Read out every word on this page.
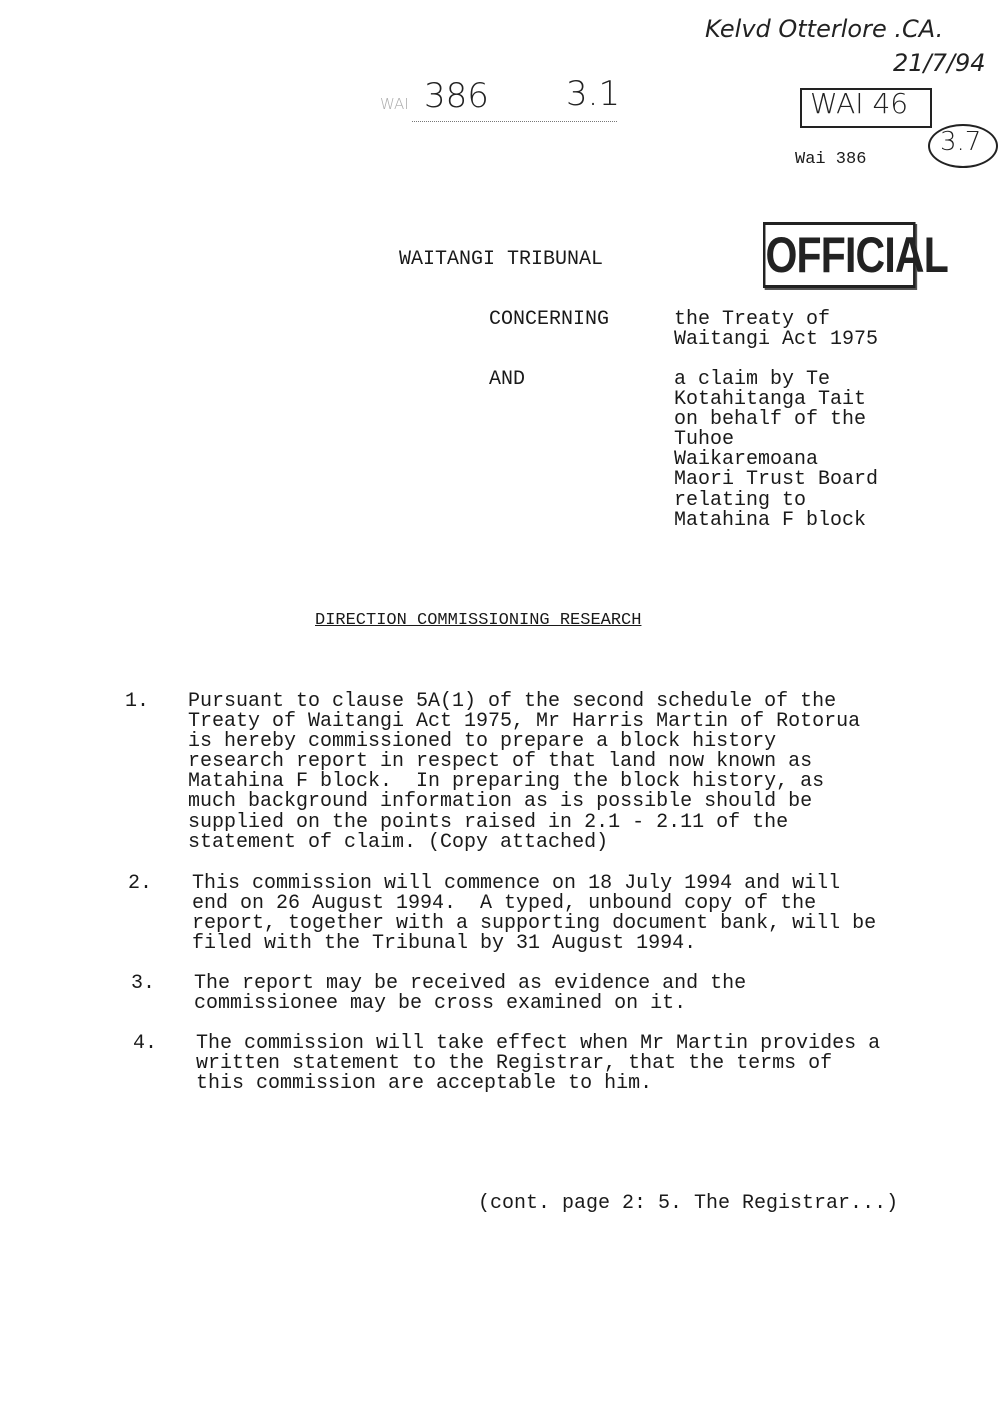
WAI 386 3.1
Kelvd Otterlore .CA.
21/7/94
WAI 46
3.7
Wai 386
OFFICIAL
WAITANGI TRIBUNAL
CONCERNING	the Treaty of
Waitangi Act 1975
AND	a claim by Te
Kotahitanga Tait
on behalf of the
Tuhoe
Waikaremoana
Maori Trust Board
relating to
Matahina F block
DIRECTION COMMISSIONING RESEARCH
1. Pursuant to clause 5A(1) of the second schedule of the
Treaty of Waitangi Act 1975, Mr Harris Martin of Rotorua
is hereby commissioned to prepare a block history
research report in respect of that land now known as
Matahina F block.  In preparing the block history, as
much background information as is possible should be
supplied on the points raised in 2.1 - 2.11 of the
statement of claim. (Copy attached)
2. This commission will commence on 18 July 1994 and will
end on 26 August 1994.  A typed, unbound copy of the
report, together with a supporting document bank, will be
filed with the Tribunal by 31 August 1994.
3. The report may be received as evidence and the
commissionee may be cross examined on it.
4. The commission will take effect when Mr Martin provides a
written statement to the Registrar, that the terms of
this commission are acceptable to him.
(cont. page 2: 5. The Registrar...)
